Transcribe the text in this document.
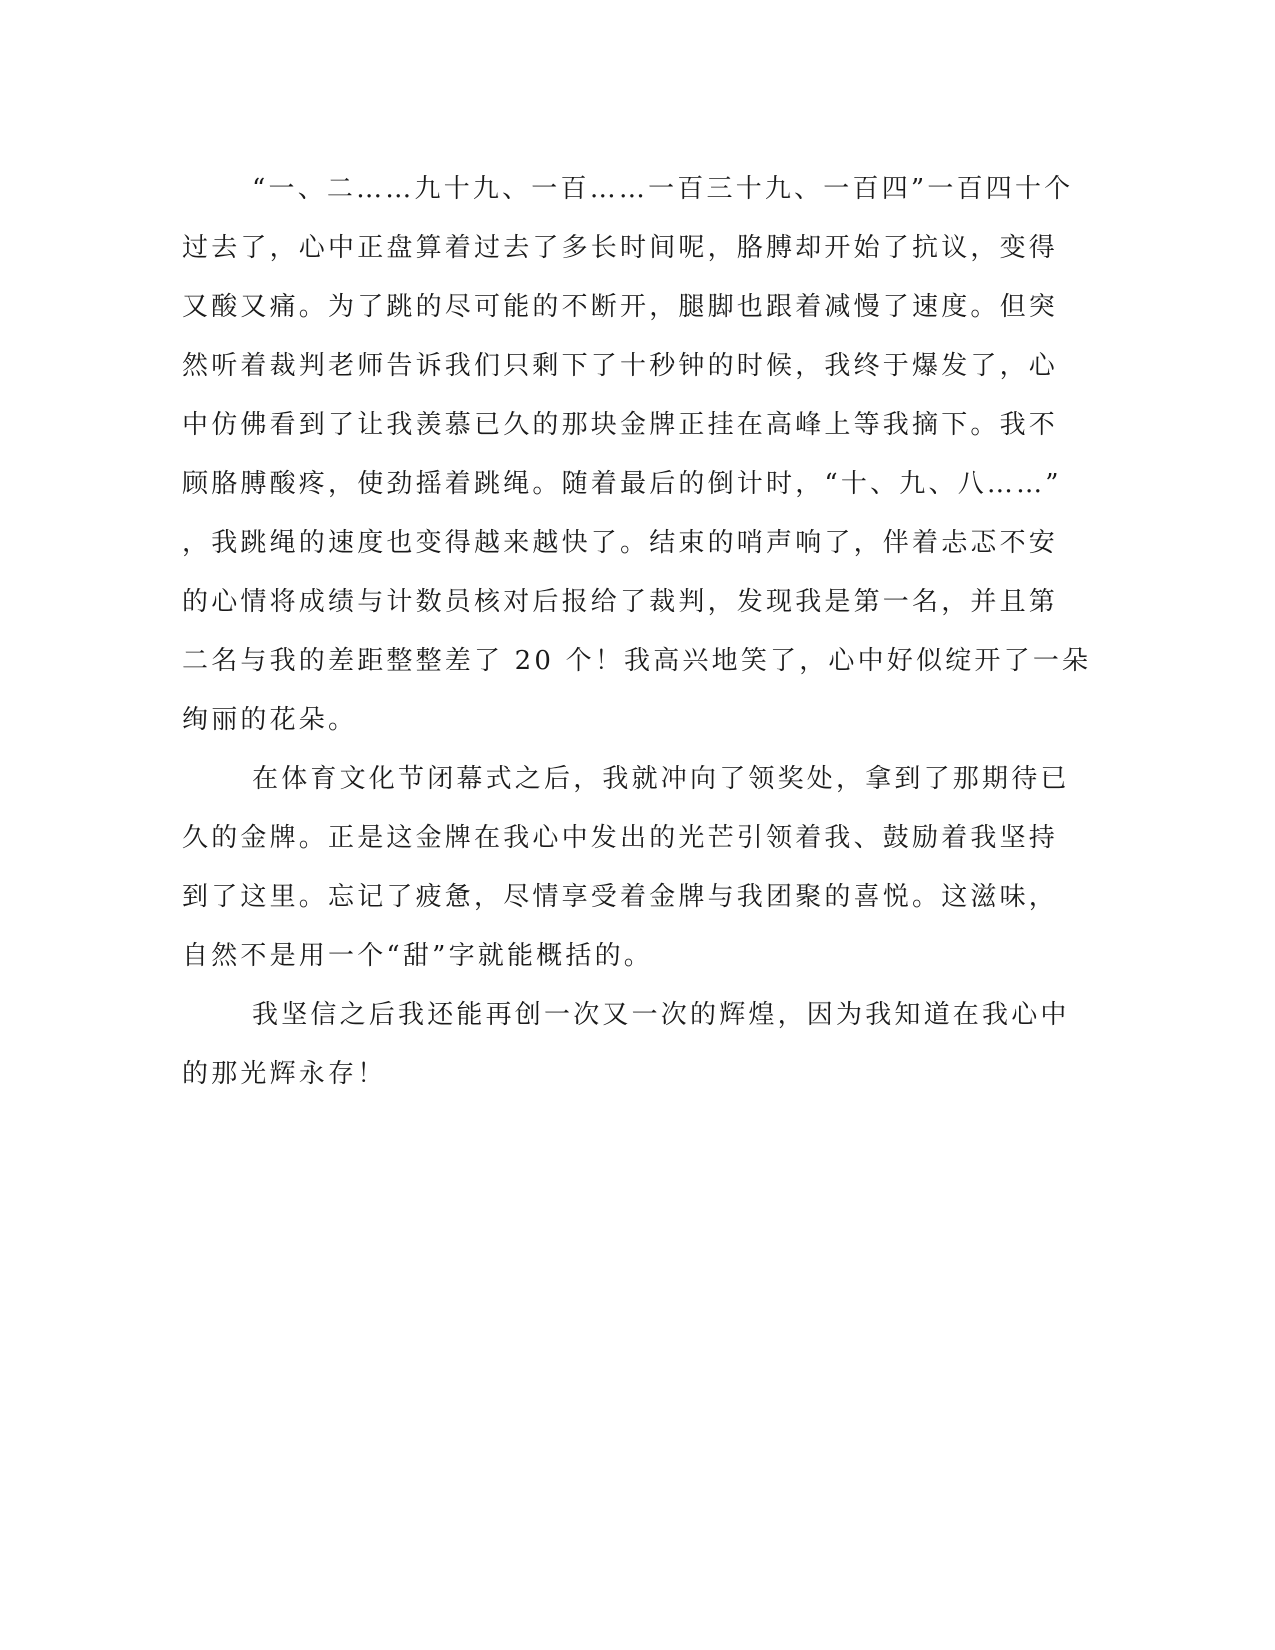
“一、二……九十九、一百……一百三十九、一百四”一百四十个
过去了，心中正盘算着过去了多长时间呢，胳膊却开始了抗议，变得
又酸又痛。为了跳的尽可能的不断开，腿脚也跟着减慢了速度。但突
然听着裁判老师告诉我们只剩下了十秒钟的时候，我终于爆发了，心
中仿佛看到了让我羡慕已久的那块金牌正挂在高峰上等我摘下。我不
顾胳膊酸疼，使劲摇着跳绳。随着最后的倒计时，“十、九、八……”
，我跳绳的速度也变得越来越快了。结束的哨声响了，伴着忐忑不安
的心情将成绩与计数员核对后报给了裁判，发现我是第一名，并且第
二名与我的差距整整差了 20 个！我高兴地笑了，心中好似绽开了一朵
绚丽的花朵。
在体育文化节闭幕式之后，我就冲向了领奖处，拿到了那期待已
久的金牌。正是这金牌在我心中发出的光芒引领着我、鼓励着我坚持
到了这里。忘记了疲惫，尽情享受着金牌与我团聚的喜悦。这滋味，
自然不是用一个“甜”字就能概括的。
我坚信之后我还能再创一次又一次的辉煌，因为我知道在我心中
的那光辉永存！
